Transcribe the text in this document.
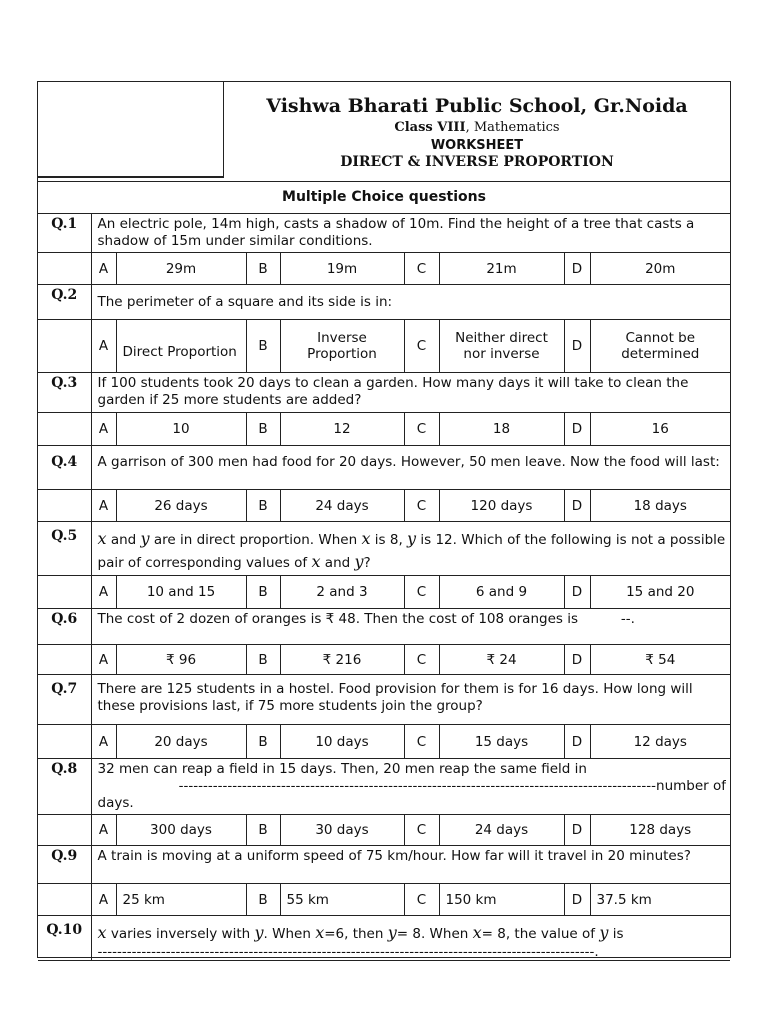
Vishwa Bharati Public School, Gr.Noida
Class VIII, Mathematics
WORKSHEET
DIRECT & INVERSE PROPORTION
Multiple Choice questions
Q.1	An electric pole, 14m high, casts a shadow of 10m. Find the height of a tree that casts a shadow of 15m under similar conditions.							
	A	29m	B	19m	C	21m	D	20m
Q.2	The perimeter of a square and its side is in:							
	A	Direct Proportion	B	Inverse Proportion	C	Neither direct nor inverse	D	Cannot be determined
Q.3	If 100 students took 20 days to clean a garden. How many days it will take to clean the garden if 25 more students are added?							
	A	10	B	12	C	18	D	16
Q.4	A garrison of 300 men had food for 20 days. However, 50 men leave. Now the food will last:							
	A	26 days	B	24 days	C	120 days	D	18 days
Q.5	x and y are in direct proportion. When x is 8, y is 12. Which of the following is not a possible pair of corresponding values of x and y?							
	A	10 and 15	B	2 and 3	C	6 and 9	D	15 and 20
Q.6	The cost of 2 dozen of oranges is ₹ 48. Then the cost of 108 oranges is          --.							
	A	₹ 96	B	₹ 216	C	₹ 24	D	₹ 54
Q.7	There are 125 students in a hostel. Food provision for them is for 16 days. How long will these provisions last, if 75 more students join the group?							
	A	20 days	B	10 days	C	15 days	D	12 days
Q.8	32 men can reap a field in 15 days. Then, 20 men reap the same field in
--------------------------------------------------------------------------------------------------number of
days.							

	A	300 days	B	30 days	C	24 days	D	128 days
Q.9	A train is moving at a uniform speed of 75 km/hour. How far will it travel in 20 minutes?							
	A	25 km	B	55 km	C	150 km	D	37.5 km
Q.10	x varies inversely with y. When x=6, then y= 8. When x= 8, the value of y is
------------------------------------------------------------------------------------------------------.							
